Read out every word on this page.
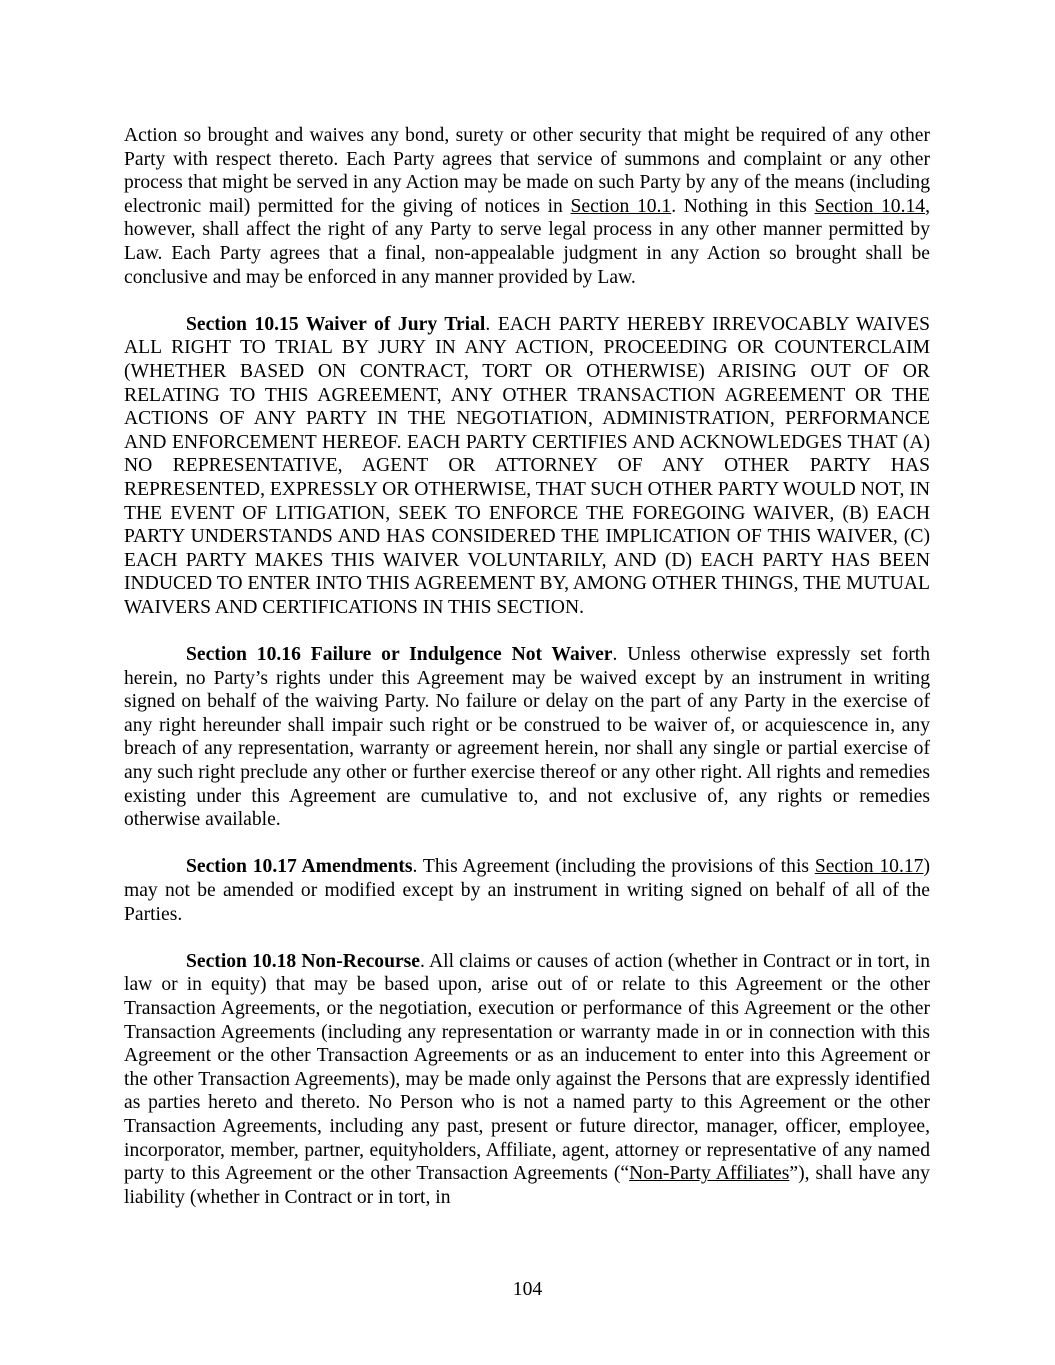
Action so brought and waives any bond, surety or other security that might be required of any other Party with respect thereto. Each Party agrees that service of summons and complaint or any other process that might be served in any Action may be made on such Party by any of the means (including electronic mail) permitted for the giving of notices in Section 10.1. Nothing in this Section 10.14, however, shall affect the right of any Party to serve legal process in any other manner permitted by Law. Each Party agrees that a final, non-appealable judgment in any Action so brought shall be conclusive and may be enforced in any manner provided by Law.

Section 10.15 Waiver of Jury Trial. EACH PARTY HEREBY IRREVOCABLY WAIVES ALL RIGHT TO TRIAL BY JURY IN ANY ACTION, PROCEEDING OR COUNTERCLAIM (WHETHER BASED ON CONTRACT, TORT OR OTHERWISE) ARISING OUT OF OR RELATING TO THIS AGREEMENT, ANY OTHER TRANSACTION AGREEMENT OR THE ACTIONS OF ANY PARTY IN THE NEGOTIATION, ADMINISTRATION, PERFORMANCE AND ENFORCEMENT HEREOF. EACH PARTY CERTIFIES AND ACKNOWLEDGES THAT (A) NO REPRESENTATIVE, AGENT OR ATTORNEY OF ANY OTHER PARTY HAS REPRESENTED, EXPRESSLY OR OTHERWISE, THAT SUCH OTHER PARTY WOULD NOT, IN THE EVENT OF LITIGATION, SEEK TO ENFORCE THE FOREGOING WAIVER, (B) EACH PARTY UNDERSTANDS AND HAS CONSIDERED THE IMPLICATION OF THIS WAIVER, (C) EACH PARTY MAKES THIS WAIVER VOLUNTARILY, AND (D) EACH PARTY HAS BEEN INDUCED TO ENTER INTO THIS AGREEMENT BY, AMONG OTHER THINGS, THE MUTUAL WAIVERS AND CERTIFICATIONS IN THIS SECTION.

Section 10.16 Failure or Indulgence Not Waiver. Unless otherwise expressly set forth herein, no Party’s rights under this Agreement may be waived except by an instrument in writing signed on behalf of the waiving Party. No failure or delay on the part of any Party in the exercise of any right hereunder shall impair such right or be construed to be waiver of, or acquiescence in, any breach of any representation, warranty or agreement herein, nor shall any single or partial exercise of any such right preclude any other or further exercise thereof or any other right. All rights and remedies existing under this Agreement are cumulative to, and not exclusive of, any rights or remedies otherwise available.

Section 10.17 Amendments. This Agreement (including the provisions of this Section 10.17) may not be amended or modified except by an instrument in writing signed on behalf of all of the Parties.

Section 10.18 Non-Recourse. All claims or causes of action (whether in Contract or in tort, in law or in equity) that may be based upon, arise out of or relate to this Agreement or the other Transaction Agreements, or the negotiation, execution or performance of this Agreement or the other Transaction Agreements (including any representation or warranty made in or in connection with this Agreement or the other Transaction Agreements or as an inducement to enter into this Agreement or the other Transaction Agreements), may be made only against the Persons that are expressly identified as parties hereto and thereto. No Person who is not a named party to this Agreement or the other Transaction Agreements, including any past, present or future director, manager, officer, employee, incorporator, member, partner, equityholders, Affiliate, agent, attorney or representative of any named party to this Agreement or the other Transaction Agreements (“Non-Party Affiliates”), shall have any liability (whether in Contract or in tort, in

104
